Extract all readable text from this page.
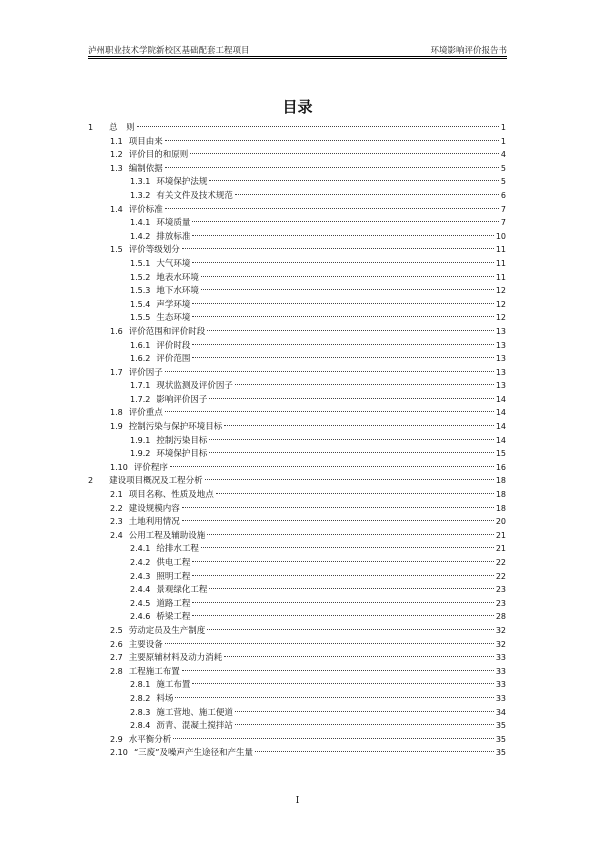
泸州职业技术学院新校区基础配套工程项目	环境影响评价报告书
目录
1 总　则	1
1.1 项目由来	1
1.2 评价目的和原则	4
1.3 编制依据	5
1.3.1 环境保护法规	5
1.3.2 有关文件及技术规范	6
1.4 评价标准	7
1.4.1 环境质量	7
1.4.2 排放标准	10
1.5 评价等级划分	11
1.5.1 大气环境	11
1.5.2 地表水环境	11
1.5.3 地下水环境	12
1.5.4 声学环境	12
1.5.5 生态环境	12
1.6 评价范围和评价时段	13
1.6.1 评价时段	13
1.6.2 评价范围	13
1.7 评价因子	13
1.7.1 现状监测及评价因子	13
1.7.2 影响评价因子	14
1.8 评价重点	14
1.9 控制污染与保护环境目标	14
1.9.1 控制污染目标	14
1.9.2 环境保护目标	15
1.10 评价程序	16
2 建设项目概况及工程分析	18
2.1 项目名称、性质及地点	18
2.2 建设规模内容	18
2.3 土地利用情况	20
2.4 公用工程及辅助设施	21
2.4.1 给排水工程	21
2.4.2 供电工程	22
2.4.3 照明工程	22
2.4.4 景观绿化工程	23
2.4.5 道路工程	23
2.4.6 桥梁工程	28
2.5 劳动定员及生产制度	32
2.6 主要设备	32
2.7 主要原辅材料及动力消耗	33
2.8 工程施工布置	33
2.8.1 施工布置	33
2.8.2 料场	33
2.8.3 施工营地、施工便道	34
2.8.4 沥青、混凝土搅拌站	35
2.9 水平衡分析	35
2.10 “三废”及噪声产生途径和产生量	35
I
